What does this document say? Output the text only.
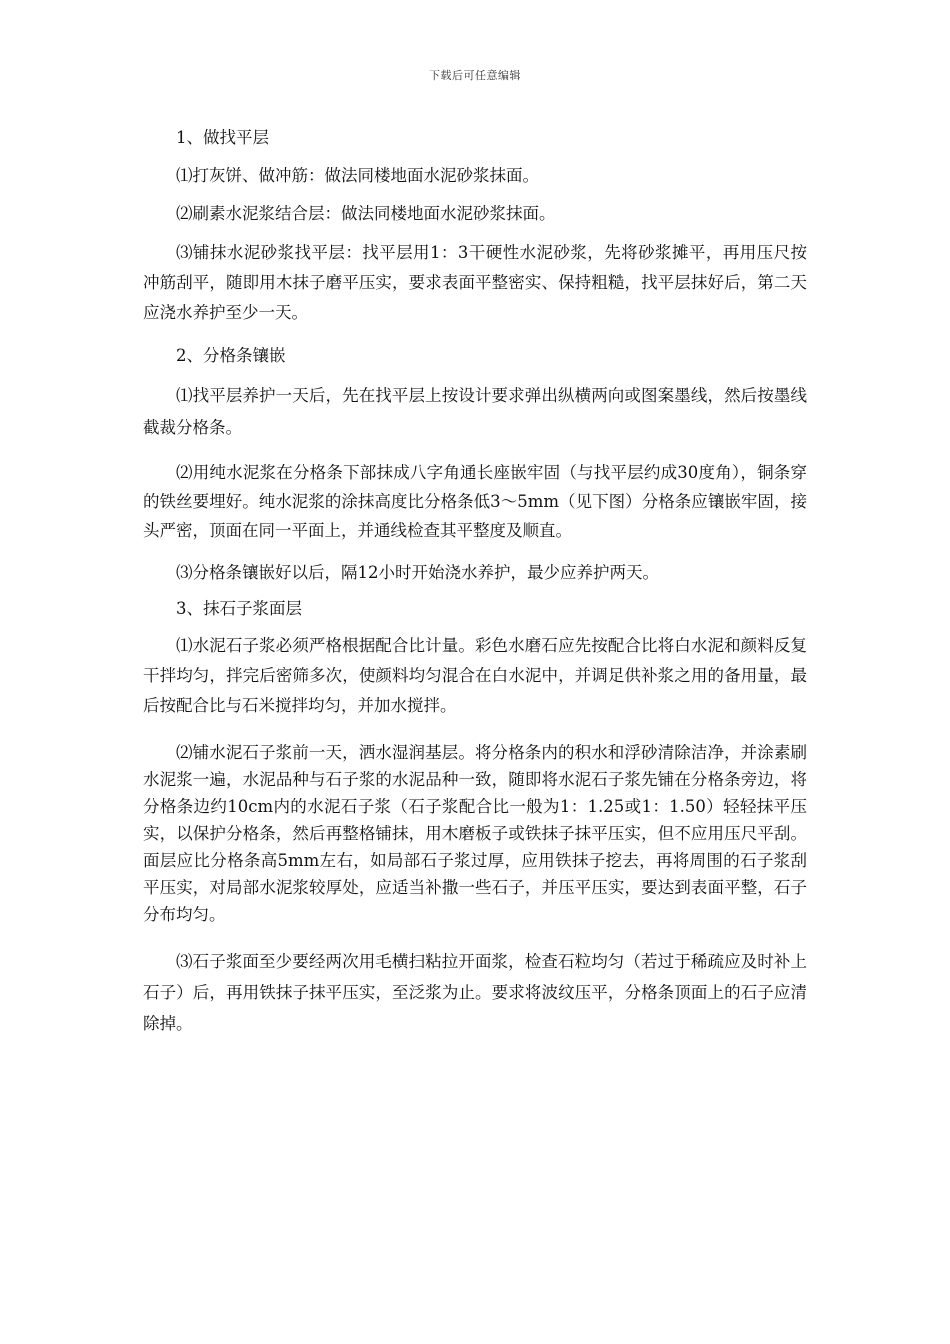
下载后可任意编辑

1、做找平层

⑴打灰饼、做冲筋：做法同楼地面水泥砂浆抹面。

⑵刷素水泥浆结合层：做法同楼地面水泥砂浆抹面。

⑶铺抹水泥砂浆找平层：找平层用1：3干硬性水泥砂浆，先将砂浆摊平，再用压尺按冲筋刮平，随即用木抹子磨平压实，要求表面平整密实、保持粗糙，找平层抹好后，第二天应浇水养护至少一天。

2、分格条镶嵌

⑴找平层养护一天后，先在找平层上按设计要求弹出纵横两向或图案墨线，然后按墨线截裁分格条。

⑵用纯水泥浆在分格条下部抹成八字角通长座嵌牢固（与找平层约成30度角），铜条穿的铁丝要埋好。纯水泥浆的涂抹高度比分格条低3～5mm（见下图）分格条应镶嵌牢固，接头严密，顶面在同一平面上，并通线检查其平整度及顺直。

⑶分格条镶嵌好以后，隔12小时开始浇水养护，最少应养护两天。

3、抹石子浆面层

⑴水泥石子浆必须严格根据配合比计量。彩色水磨石应先按配合比将白水泥和颜料反复干拌均匀，拌完后密筛多次，使颜料均匀混合在白水泥中，并调足供补浆之用的备用量，最后按配合比与石米搅拌均匀，并加水搅拌。

⑵铺水泥石子浆前一天，洒水湿润基层。将分格条内的积水和浮砂清除洁净，并涂素刷水泥浆一遍，水泥品种与石子浆的水泥品种一致，随即将水泥石子浆先铺在分格条旁边，将分格条边约10cm内的水泥石子浆（石子浆配合比一般为1：1.25或1：1.50）轻轻抹平压实，以保护分格条，然后再整格铺抹，用木磨板子或铁抹子抹平压实，但不应用压尺平刮。面层应比分格条高5mm左右，如局部石子浆过厚，应用铁抹子挖去，再将周围的石子浆刮平压实，对局部水泥浆较厚处，应适当补撒一些石子，并压平压实，要达到表面平整，石子分布均匀。

⑶石子浆面至少要经两次用毛横扫粘拉开面浆，检查石粒均匀（若过于稀疏应及时补上石子）后，再用铁抹子抹平压实，至泛浆为止。要求将波纹压平，分格条顶面上的石子应清除掉。
